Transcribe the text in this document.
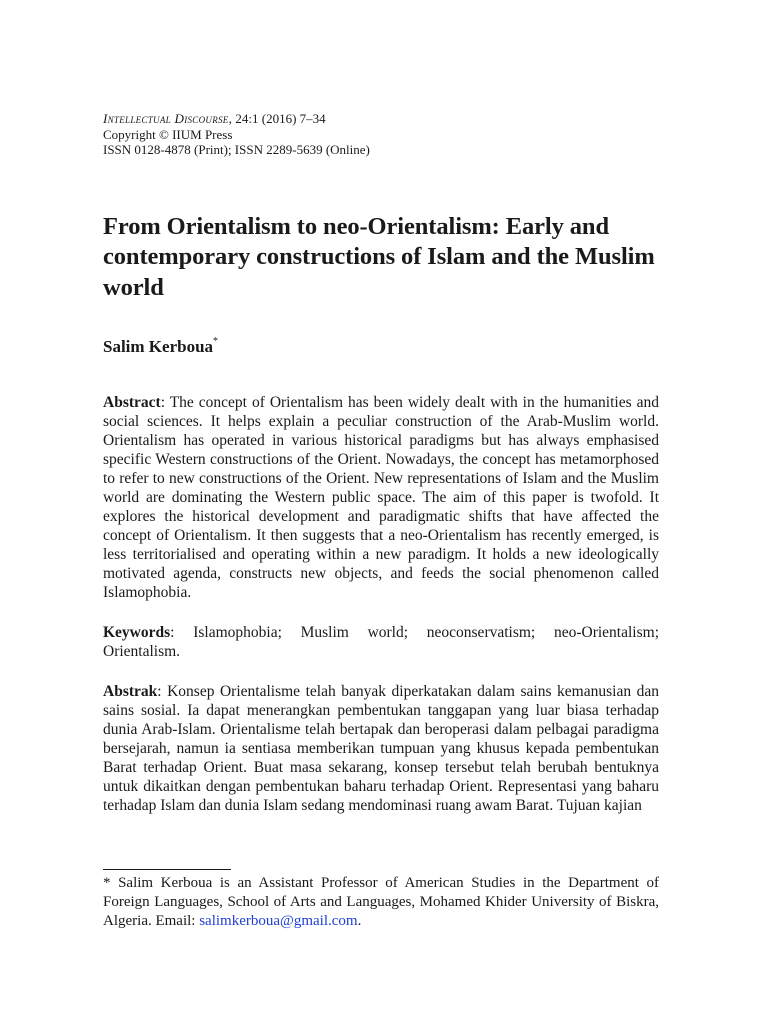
Intellectual Discourse, 24:1 (2016) 7–34
Copyright © IIUM Press
ISSN 0128-4878 (Print); ISSN 2289-5639 (Online)
From Orientalism to neo-Orientalism: Early and contemporary constructions of Islam and the Muslim world
Salim Kerboua*
Abstract: The concept of Orientalism has been widely dealt with in the humanities and social sciences. It helps explain a peculiar construction of the Arab-Muslim world. Orientalism has operated in various historical paradigms but has always emphasised specific Western constructions of the Orient. Nowadays, the concept has metamorphosed to refer to new constructions of the Orient. New representations of Islam and the Muslim world are dominating the Western public space. The aim of this paper is twofold. It explores the historical development and paradigmatic shifts that have affected the concept of Orientalism. It then suggests that a neo-Orientalism has recently emerged, is less territorialised and operating within a new paradigm. It holds a new ideologically motivated agenda, constructs new objects, and feeds the social phenomenon called Islamophobia.
Keywords: Islamophobia; Muslim world; neoconservatism; neo-Orientalism; Orientalism.
Abstrak: Konsep Orientalisme telah banyak diperkatakan dalam sains kemanusian dan sains sosial. Ia dapat menerangkan pembentukan tanggapan yang luar biasa terhadap dunia Arab-Islam. Orientalisme telah bertapak dan beroperasi dalam pelbagai paradigma bersejarah, namun ia sentiasa memberikan tumpuan yang khusus kepada pembentukan Barat terhadap Orient. Buat masa sekarang, konsep tersebut telah berubah bentuknya untuk dikaitkan dengan pembentukan baharu terhadap Orient. Representasi yang baharu terhadap Islam dan dunia Islam sedang mendominasi ruang awam Barat. Tujuan kajian
* Salim Kerboua is an Assistant Professor of American Studies in the Department of Foreign Languages, School of Arts and Languages, Mohamed Khider University of Biskra, Algeria. Email: salimkerboua@gmail.com.
